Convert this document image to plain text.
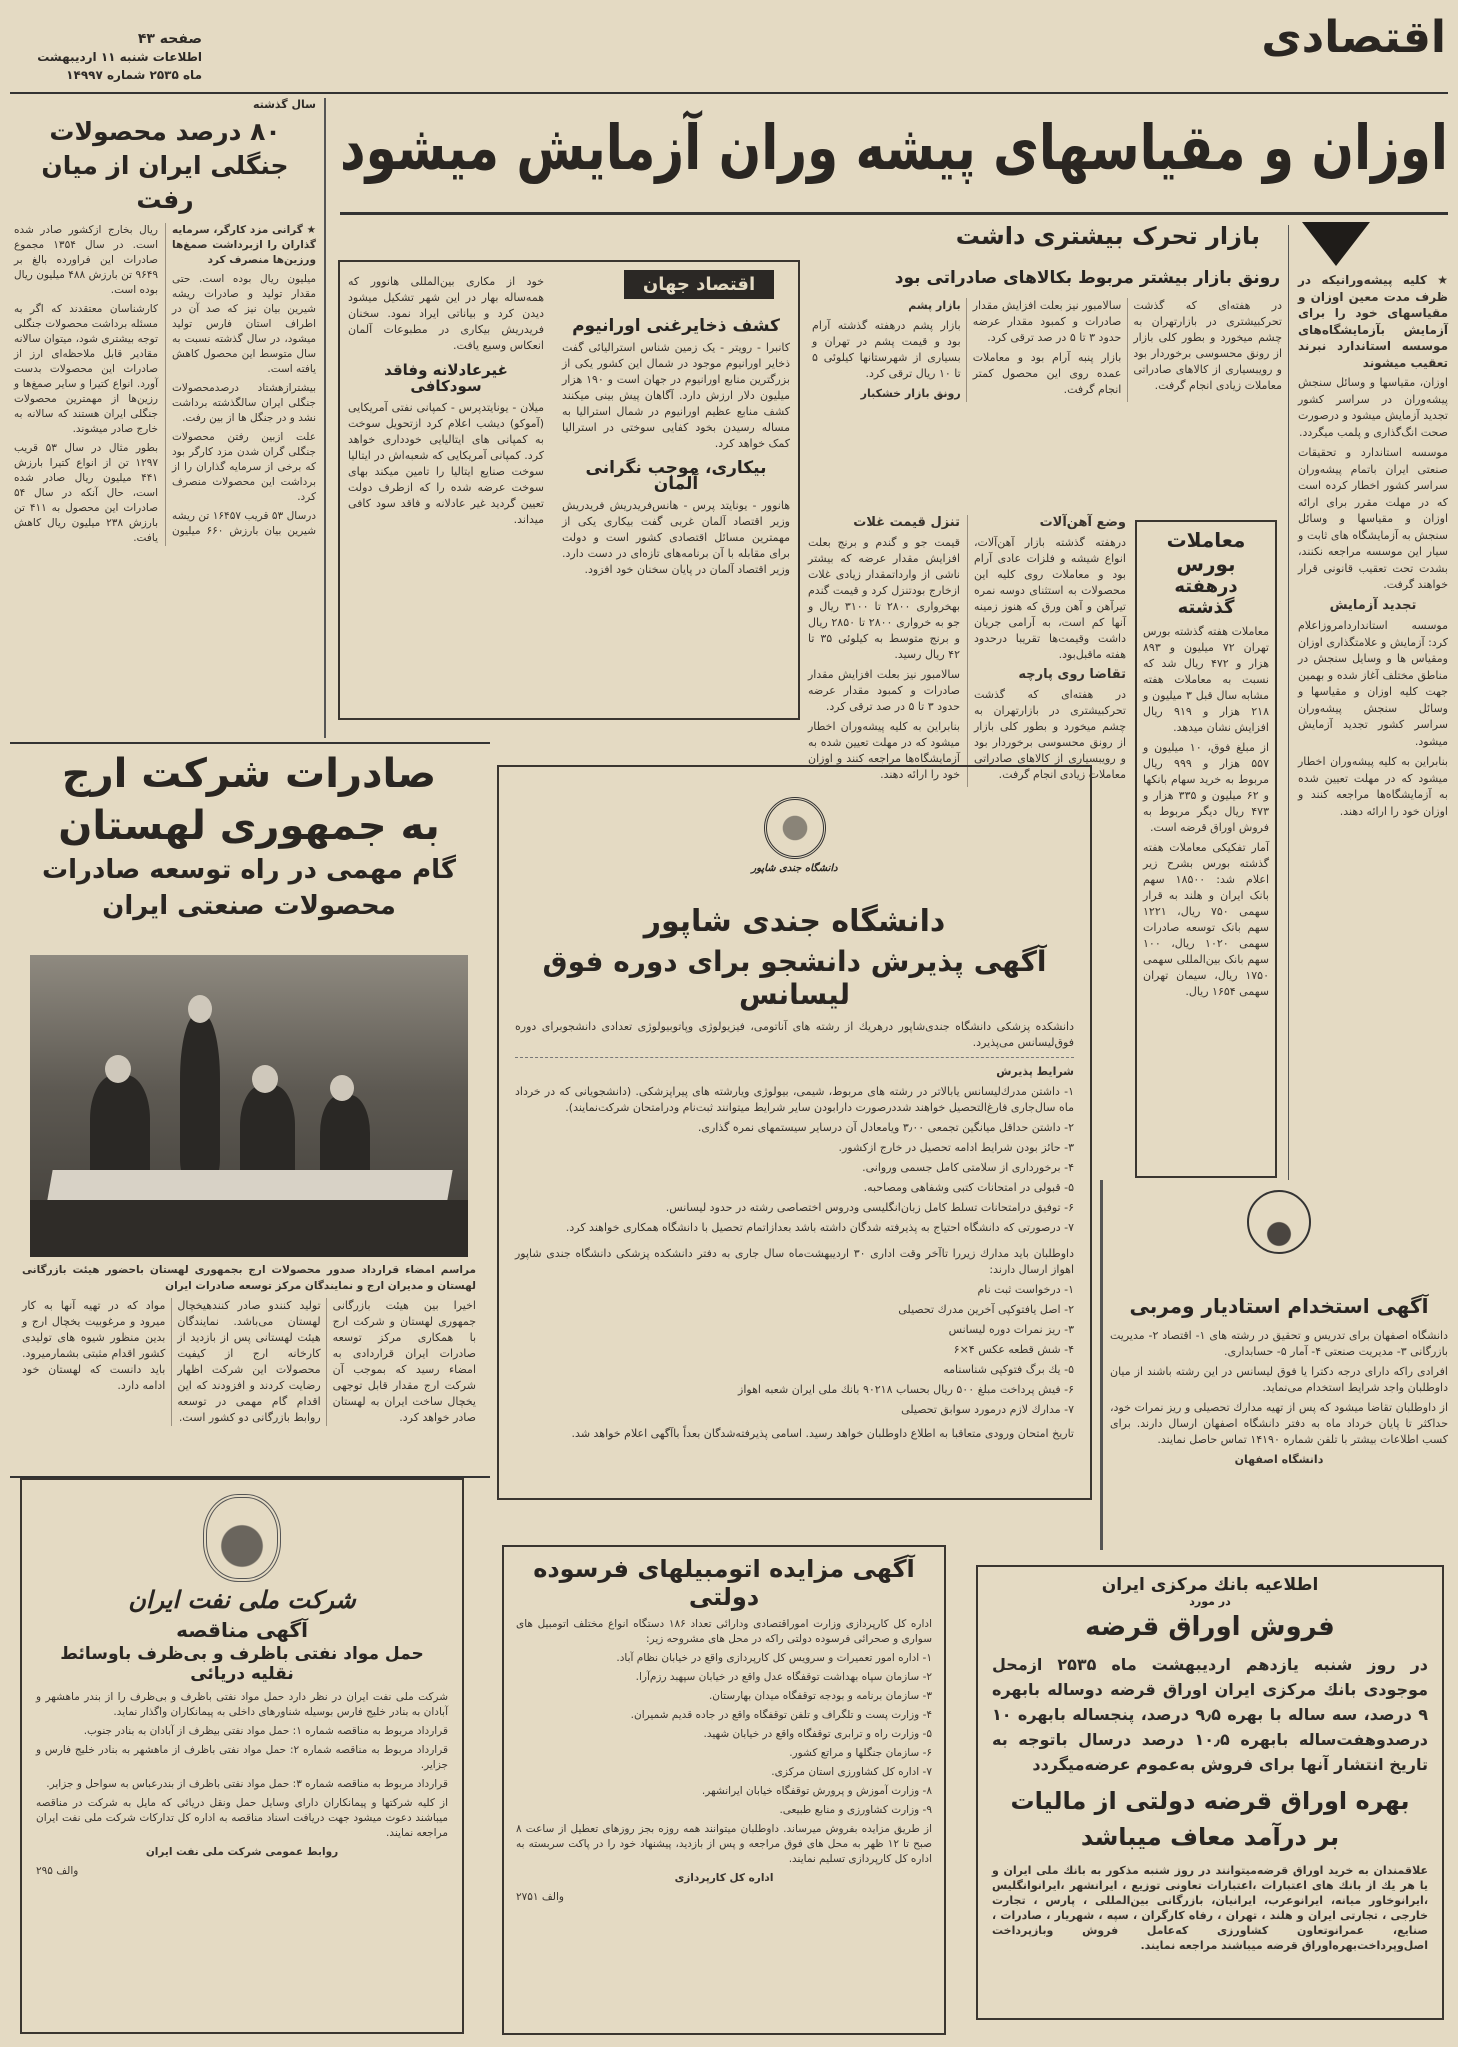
اقتصادی
صفحه ۴۳
اطلاعات شنبه ۱۱ اردیبهشت
ماه ۲۵۳۵ شماره ۱۴۹۹۷
اوزان و مقیاسهای پیشه وران آزمایش میشود
سال گذشته
۸۰ درصد محصولات جنگلی ایران از میان رفت

★ گرانی مزد کارگر، سرمایه گذاران را ازبرداشت صمغ‌ها ورزین‌ها منصرف کرد

میلیون ریال بوده است. حتی مقدار تولید و صادرات ریشه شیرین بیان نیز که صد آن در اطراف استان فارس تولید میشود، در سال گذشته نسبت به سال متوسط این محصول کاهش یافته است.

بیشترازهشتاد درصدمحصولات جنگلی ایران سالگذشته برداشت نشد و در جنگل ها از بین رفت.

علت ازبین رفتن محصولات جنگلی گران شدن مزد کارگر بود که برخی از سرمایه گذاران را از برداشت این محصولات منصرف کرد.

درسال ۵۳ قریب ۱۶۴۵۷ تن ریشه شیرین بیان بارزش ۶۶۰ میلیون ریال بخارج ازکشور صادر شده است. در سال ۱۳۵۴ مجموع صادرات این فراورده بالغ بر ۹۶۴۹ تن بارزش ۴۸۸ میلیون ریال بوده است.

کارشناسان معتقدند که اگر به مسئله برداشت محصولات جنگلی توجه بیشتری شود، میتوان سالانه مقادیر قابل ملاحظه‌ای ارز از صادرات این محصولات بدست آورد. انواع کتیرا و سایر صمغ‌ها و رزین‌ها از مهمترین محصولات جنگلی ایران هستند که سالانه به خارج صادر میشوند.

بطور مثال در سال ۵۳ قریب ۱۲۹۷ تن از انواع کتیرا بارزش ۴۴۱ میلیون ریال صادر شده است، حال آنکه در سال ۵۴ صادرات این محصول به ۴۱۱ تن بارزش ۲۳۸ میلیون ریال کاهش یافت.

★ کلیه پیشه‌ورانیکه در ظرف مدت معین اوزان و مقیاسهای خود را برای آزمایش بآزمایشگاه‌های موسسه استاندارد نبرند تعقیب میشوند

اوزان، مقیاسها و وسائل سنجش پیشه‌وران در سراسر کشور تجدید آزمایش میشود و درصورت صحت انگ‌گذاری و پلمب میگردد.

موسسه استاندارد و تحقیقات صنعتی ایران باتمام پیشه‌وران سراسر کشور اخطار کرده است که در مهلت مقرر برای ارائه اوزان و مقیاسها و وسائل سنجش به آزمایشگاه های ثابت و سیار این موسسه مراجعه نکنند، بشدت تحت تعقیب قانونی قرار خواهند گرفت.

تجدید آزمایش

موسسه استانداردامروزاعلام کرد: آزمایش و علامتگذاری اوزان ومقیاس ها و وسایل سنجش در مناطق مختلف آغاز شده و بهمین جهت کلیه اوزان و مقیاسها و وسائل سنجش پیشه‌وران سراسر کشور تجدید آزمایش میشود.

بنابراین به کلیه پیشه‌وران اخطار میشود که در مهلت تعیین شده به آزمایشگاه‌ها مراجعه کنند و اوزان خود را ارائه دهند.

بازار تحرک بیشتری داشت
رونق بازار بیشتر مربوط بکالاهای صادراتی بود

در هفته‌ای که گذشت تحرکبیشتری در بازارتهران به چشم میخورد و بطور کلی بازار از رونق محسوسی برخوردار بود و رویبسیاری از کالاهای صادراتی معاملات زیادی انجام گرفت.

سالامبور نیز بعلت افزایش مقدار صادرات و کمبود مقدار عرضه حدود ۳ تا ۵ در صد ترقی کرد.

بازار پنبه آرام بود و معاملات عمده روی این محصول کمتر انجام گرفت.

بازار پشم

بازار پشم درهفته گذشته آرام بود و قیمت پشم در تهران و بسیاری از شهرستانها کیلوئی ۵ تا ۱۰ ریال ترقی کرد.

رونق بازار خشکبار

وضع آهن‌آلات

درهفته گذشته بازار آهن‌آلات، انواع شیشه و فلزات عادی آرام بود و معاملات روی کلیه این محصولات به استثنای دوسه نمره تیرآهن و آهن ورق که هنوز زمینه آنها کم است، به آرامی جریان داشت وقیمت‌ها تقریبا درحدود هفته ماقبل‌بود.

تقاضا روی پارچه

در هفته‌ای که گذشت تحرکبیشتری در بازارتهران به چشم میخورد و بطور کلی بازار از رونق محسوسی برخوردار بود و رویبسیاری از کالاهای صادراتی معاملات زیادی انجام گرفت.

تنزل قیمت غلات

قیمت جو و گندم و برنج بعلت افزایش مقدار عرضه که بیشتر ناشی از وارداتمقدار زیادی غلات ازخارج بودتنزل کرد و قیمت گندم بهخرواری ۲۸۰۰ تا ۳۱۰۰ ریال و جو به خرواری ۲۸۰۰ تا ۲۸۵۰ ریال و برنج متوسط به کیلوئی ۳۵ تا ۴۲ ریال رسید.

سالامبور نیز بعلت افزایش مقدار صادرات و کمبود مقدار عرضه حدود ۳ تا ۵ در صد ترقی کرد.

بنابراین به کلیه پیشه‌وران اخطار میشود که در مهلت تعیین شده به آزمایشگاه‌ها مراجعه کنند و اوزان خود را ارائه دهند.

معاملات بورس
درهفته گذشته

معاملات هفته گذشته بورس تهران ۷۲ میلیون و ۸۹۳ هزار و ۴۷۲ ریال شد که نسبت به معاملات هفته مشابه سال قبل ۳ میلیون و ۲۱۸ هزار و ۹۱۹ ریال افزایش نشان میدهد.

از مبلغ فوق، ۱۰ میلیون و ۵۵۷ هزار و ۹۹۹ ریال مربوط به خرید سهام بانکها و ۶۲ میلیون و ۳۳۵ هزار و ۴۷۳ ریال دیگر مربوط به فروش اوراق قرضه است.

آمار تفکیکی معاملات هفته گذشته بورس بشرح زیر اعلام شد: ۱۸۵۰۰ سهم بانک ایران و هلند به قرار سهمی ۷۵۰ ریال، ۱۲۲۱ سهم بانک توسعه صادرات سهمی ۱۰۲۰ ریال، ۱۰۰ سهم بانک بین‌المللی سهمی ۱۷۵۰ ریال، سیمان تهران سهمی ۱۶۵۴ ریال.

اقتصاد جهان

کشف ذخایرغنی اورانیوم

کانبرا - رویتر - یک زمین شناس استرالیائی گفت ذخایر اورانیوم موجود در شمال این کشور یکی از بزرگترین منابع اورانیوم در جهان است و ۱۹۰ هزار میلیون دلار ارزش دارد. آگاهان پیش بینی میکنند کشف منابع عظیم اورانیوم در شمال استرالیا به مساله رسیدن بخود کفایی سوختی در استرالیا کمک خواهد کرد.

بیکاری، موجب نگرانی آلمان

هانوور - یونایتد پرس - هانس‌فریدریش فریدریش وزیر اقتصاد آلمان غربی گفت بیکاری یکی از مهمترین مسائل اقتصادی کشور است و دولت برای مقابله با آن برنامه‌های تازه‌ای در دست دارد. وزیر اقتصاد آلمان در پایان سخنان خود افزود.

خود از مکاری بین‌المللی هانوور که همه‌ساله بهار در این شهر تشکیل میشود دیدن کرد و بیاناتی ایراد نمود. سخنان فریدریش بیکاری در مطبوعات آلمان انعکاس وسیع یافت.

غیرعادلانه وفاقد سودکافی

میلان - یونایتدپرس - کمپانی نفتی آمریکایی (آموکو) دیشب اعلام کرد ازتحویل سوخت به کمپانی های ایتالیایی خودداری خواهد کرد. کمپانی آمریکایی که شعبه‌اش در ایتالیا سوخت صنایع ایتالیا را تامین میکند بهای سوخت عرضه شده را که ازطرف دولت تعیین گردید غیر عادلانه و فاقد سود کافی میداند.

صادرات شرکت ارج
به جمهوری لهستان
گام مهمی در راه توسعه صادرات
محصولات صنعتی ایران
مراسم امضاء قرارداد صدور محصولات ارج بجمهوری لهستان باحضور هیئت بازرگانی لهستان و مدیران ارج و نمایندگان مرکز توسعه صادرات ایران

اخیرا بین هیئت بازرگانی جمهوری لهستان و شرکت ارج با همکاری مرکز توسعه صادرات ایران قراردادی به امضاء رسید که بموجب آن شرکت ارج مقدار قابل توجهی یخچال ساخت ایران به لهستان صادر خواهد کرد.

تولید کنندو صادر کنندهیخچال لهستان می‌باشد. نمایندگان هیئت لهستانی پس از بازدید از کارخانه ارج از کیفیت محصولات این شرکت اظهار رضایت کردند و افزودند که این اقدام گام مهمی در توسعه روابط بازرگانی دو کشور است.

مواد که در تهیه آنها به کار میرود و مرغوبیت یخچال ارج و بدین منظور شیوه های تولیدی کشور اقدام مثبتی بشمارمیرود. باید دانست که لهستان خود ادامه دارد.

دانشگاه جندی شاپور
دانشگاه جندی شاپور
آگهی پذیرش دانشجو برای دوره فوق لیسانس
دانشکده پزشکی دانشگاه جندی‌شاپور درهریك از رشته های آناتومی، فیزیولوژی وپاتوبیولوژی تعدادی دانشجوبرای دوره فوق‌لیسانس می‌پذیرد.

شرایط پذیرش

۱- داشتن مدرك‌لیسانس یابالاتر در رشته های مربوط، شیمی، بیولوژی ویارشته های پیراپزشکی. (دانشجویانی که در خرداد ماه سال‌جاری فارغ‌التحصیل خواهند شددرصورت دارابودن سایر شرایط میتوانند ثبت‌نام ودرامتحان شرکت‌نمایند).

۲- داشتن حداقل میانگین تجمعی ۳٫۰۰ ویامعادل آن درسایر سیستمهای نمره گذاری.

۳- حائز بودن شرایط ادامه تحصیل در خارج ازکشور.

۴- برخورداری از سلامتی کامل جسمی وروانی.

۵- قبولی در امتحانات کتبی وشفاهی ومصاحبه.

۶- توفیق درامتحانات تسلط کامل زبان‌انگلیسی ودروس اختصاصی رشته در حدود لیسانس.

۷- درصورتی که دانشگاه احتیاج به پذیرفته شدگان داشته باشد بعدازاتمام تحصیل با دانشگاه همکاری خواهند کرد.

داوطلبان باید مدارك زیررا تاآخر وقت اداری ۳۰ اردیبهشت‌ماه سال جاری به دفتر دانشکده پزشکی دانشگاه جندی شاپور اهواز ارسال دارند:

۱- درخواست ثبت نام

۲- اصل یافتوکپی آخرین مدرك تحصیلی

۳- ریز نمرات دوره لیسانس

۴- شش قطعه عکس ۴×۶

۵- یك برگ فتوکپی شناسنامه

۶- فیش پرداخت مبلغ ۵۰۰ ریال بحساب ۹۰۲۱۸ بانك ملی ایران شعبه اهواز

۷- مدارك لازم درمورد سوابق تحصیلی

تاریخ امتحان ورودی متعاقبا به اطلاع داوطلبان خواهد رسید. اسامی پذیرفته‌شدگان بعداً باآگهی اعلام خواهد شد.

آگهی استخدام استادیار ومربی

دانشگاه اصفهان برای تدریس و تحقیق در رشته های ۱- اقتصاد ۲- مدیریت بازرگانی ۳- مدیریت صنعتی ۴- آمار ۵- حسابداری.

افرادی راکه دارای درجه دکترا یا فوق لیسانس در این رشته باشند از میان داوطلبان واجد شرایط استخدام می‌نماید.

از داوطلبان تقاضا میشود که پس از تهیه مدارك تحصیلی و ریز نمرات خود، حداکثر تا پایان خرداد ماه به دفتر دانشگاه اصفهان ارسال دارند. برای کسب اطلاعات بیشتر با تلفن شماره ۱۴۱۹۰ تماس حاصل نمایند.

دانشگاه اصفهان

شرکت ملی نفت ایران
آگهی مناقصه
حمل مواد نفتی باظرف و بی‌ظرف باوسائط نقلیه دریائی

شرکت ملی نفت ایران در نظر دارد حمل مواد نفتی باظرف و بی‌ظرف را از بندر ماهشهر و آبادان به بنادر خلیج فارس بوسیله شناورهای داخلی به پیمانکاران واگذار نماید.

قرارداد مربوط به مناقصه شماره ۱: حمل مواد نفتی بیظرف از آبادان به بنادر جنوب.

قرارداد مربوط به مناقصه شماره ۲: حمل مواد نفتی باظرف از ماهشهر به بنادر خلیج فارس و جزایر.

قرارداد مربوط به مناقصه شماره ۳: حمل مواد نفتی باظرف از بندرعباس به سواحل و جزایر.

از کلیه شرکتها و پیمانکاران دارای وسایل حمل ونقل دریائی که مایل به شرکت در مناقصه میباشند دعوت میشود جهت دریافت اسناد مناقصه به اداره کل تدارکات شرکت ملی نفت ایران مراجعه نمایند.

روابط عمومی شرکت ملی نفت ایران

والف ۲۹۵

آگهی مزایده اتومبیلهای فرسوده دولتی

اداره کل کارپردازی وزارت اموراقتصادی ودارائی تعداد ۱۸۶ دستگاه انواع مختلف اتومبیل های سواری و صحرائی فرسوده دولتی راکه در محل های مشروحه زیر:

۱- اداره امور تعمیرات و سرویس کل کارپردازی واقع در خیابان نظام آباد.

۲- سازمان سپاه بهداشت توقفگاه عدل واقع در خیابان سپهبد رزم‌آرا.

۳- سازمان برنامه و بودجه توقفگاه میدان بهارستان.

۴- وزارت پست و تلگراف و تلفن توقفگاه واقع در جاده قدیم شمیران.

۵- وزارت راه و ترابری توقفگاه واقع در خیابان شهید.

۶- سازمان جنگلها و مراتع کشور.

۷- اداره کل کشاورزی استان مرکزی.

۸- وزارت آموزش و پرورش توقفگاه خیابان ایرانشهر.

۹- وزارت کشاورزی و منابع طبیعی.

از طریق مزایده بفروش میرساند. داوطلبان میتوانند همه روزه بجز روزهای تعطیل از ساعت ۸ صبح تا ۱۲ ظهر به محل های فوق مراجعه و پس از بازدید، پیشنهاد خود را در پاکت سربسته به اداره کل کارپردازی تسلیم نمایند.

اداره کل کارپردازی

والف ۲۷۵۱

اطلاعیه بانك مركزی ایران
در مورد
فروش اوراق قرضه
در روز شنبه یازدهم اردیبهشت ماه ۲۵۳۵ ازمحل موجودی بانك مركزی ایران اوراق قرضه دوساله بابهره ۹ درصد، سه ساله با بهره ۹٫۵ درصد، پنجساله بابهره ۱۰ درصدوهفت‌ساله بابهره ۱۰٫۵ درصد درسال باتوجه به تاریخ انتشار آنها برای فروش به‌عموم عرضه‌میگردد
بهره اوراق قرضه دولتی از مالیات
بر درآمد معاف میباشد
علاقمندان به خرید اوراق قرضه‌میتوانند در روز شنبه مذکور به بانك ملی ایران و یا هر یك از بانك های اعتبارات ،اعتبارات تعاونی توزیع ، ایرانشهر ،ایرانوانگلیس ،ایرانوخاور میانه، ایرانوعرب، ایرانیان، بازرگانی بین‌المللی ، پارس ، تجارت خارجی ، تجارتی ایران و هلند ، تهران ، رفاه کارگران ، سپه ، شهریار ، صادرات ، صنایع، عمرانوتعاون کشاورزی که‌عامل فروش وبازپرداخت اصل‌وپرداخت‌بهره‌اوراق قرضه میباشند مراجعه نمایند.
